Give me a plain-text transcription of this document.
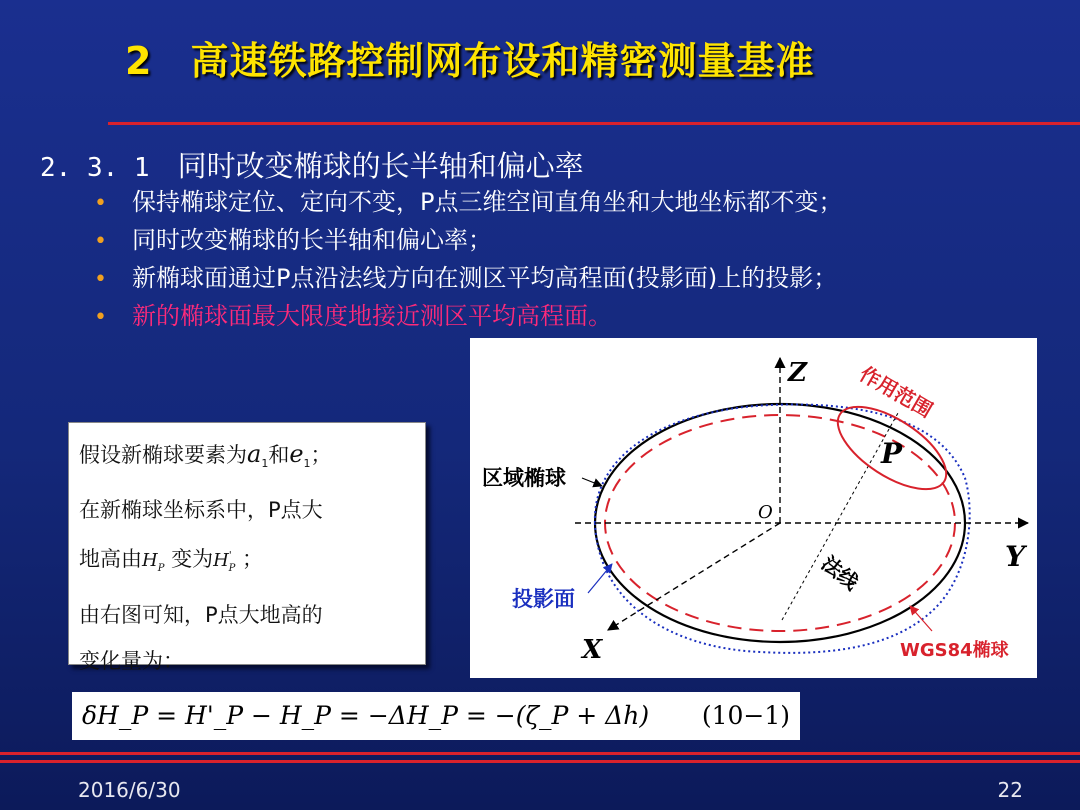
2 高速铁路控制网布设和精密测量基准
2. 3. 1 同时改变椭球的长半轴和偏心率
• 保持椭球定位、定向不变，P点三维空间直角坐和大地坐标都不变；
• 同时改变椭球的长半轴和偏心率；
• 新椭球面通过P点沿法线方向在测区平均高程面(投影面)上的投影；
• 新的椭球面最大限度地接近测区平均高程面。
假设新椭球要素为$a_1$和$e_1$；
在新椭球坐标系中，P点大
地高由$H_P$ 变为$H'_P$ ；
由右图可知，P点大地高的
变化量为：
Z
Y
X
O
P
区域椭球
作用范围
法线
投影面
WGS84椭球
δH_P = H'_P − H_P = −ΔH_P = −(ζ_P + Δh) (10−1)
2016/6/30	22
